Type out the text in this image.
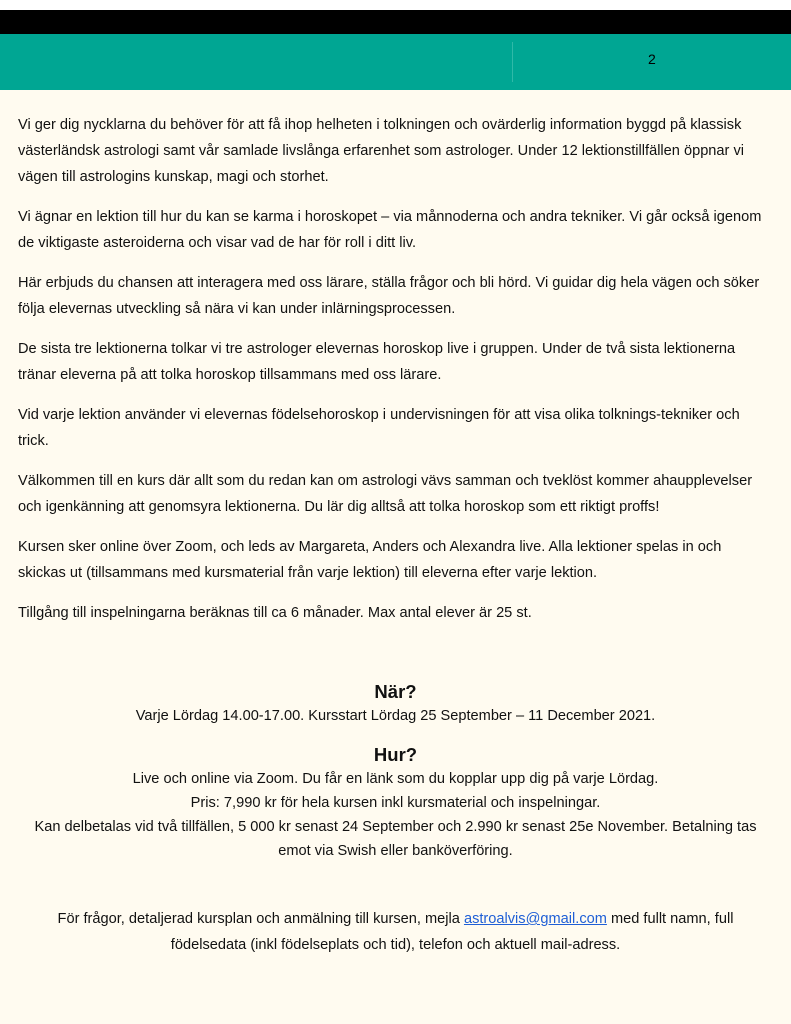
2

Vi ger dig nycklarna du behöver för att få ihop helheten i tolkningen och ovärderlig information byggd på klassisk västerländsk astrologi samt vår samlade livslånga erfarenhet som astrologer. Under 12 lektionstillfällen öppnar vi vägen till astrologins kunskap, magi och storhet.

Vi ägnar en lektion till hur du kan se karma i horoskopet – via månnoderna och andra tekniker. Vi går också igenom de viktigaste asteroiderna och visar vad de har för roll i ditt liv.

Här erbjuds du chansen att interagera med oss lärare, ställa frågor och bli hörd. Vi guidar dig hela vägen och söker följa elevernas utveckling så nära vi kan under inlärningsprocessen.

De sista tre lektionerna tolkar vi tre astrologer elevernas horoskop live i gruppen. Under de två sista lektionerna tränar eleverna på att tolka horoskop tillsammans med oss lärare.

Vid varje lektion använder vi elevernas födelsehoroskop i undervisningen för att visa olika tolknings-tekniker och trick.

Välkommen till en kurs där allt som du redan kan om astrologi vävs samman och tveklöst kommer ahaupplevelser och igenkänning att genomsyra lektionerna. Du lär dig alltså att tolka horoskop som ett riktigt proffs!

Kursen sker online över Zoom, och leds av Margareta, Anders och Alexandra live. Alla lektioner spelas in och skickas ut (tillsammans med kursmaterial från varje lektion) till eleverna efter varje lektion.

Tillgång till inspelningarna beräknas till ca 6 månader. Max antal elever är 25 st.

När?

Varje Lördag 14.00-17.00. Kursstart Lördag 25 September – 11 December 2021.

Hur?

Live och online via Zoom. Du får en länk som du kopplar upp dig på varje Lördag.

Pris: 7,990 kr för hela kursen inkl kursmaterial och inspelningar.

Kan delbetalas vid två tillfällen, 5 000 kr senast 24 September och 2.990 kr senast 25e November. Betalning tas emot via Swish eller banköverföring.

För frågor, detaljerad kursplan och anmälning till kursen, mejla astroalvis@gmail.com med fullt namn, full födelsedata (inkl födelseplats och tid), telefon och aktuell mail-adress.
